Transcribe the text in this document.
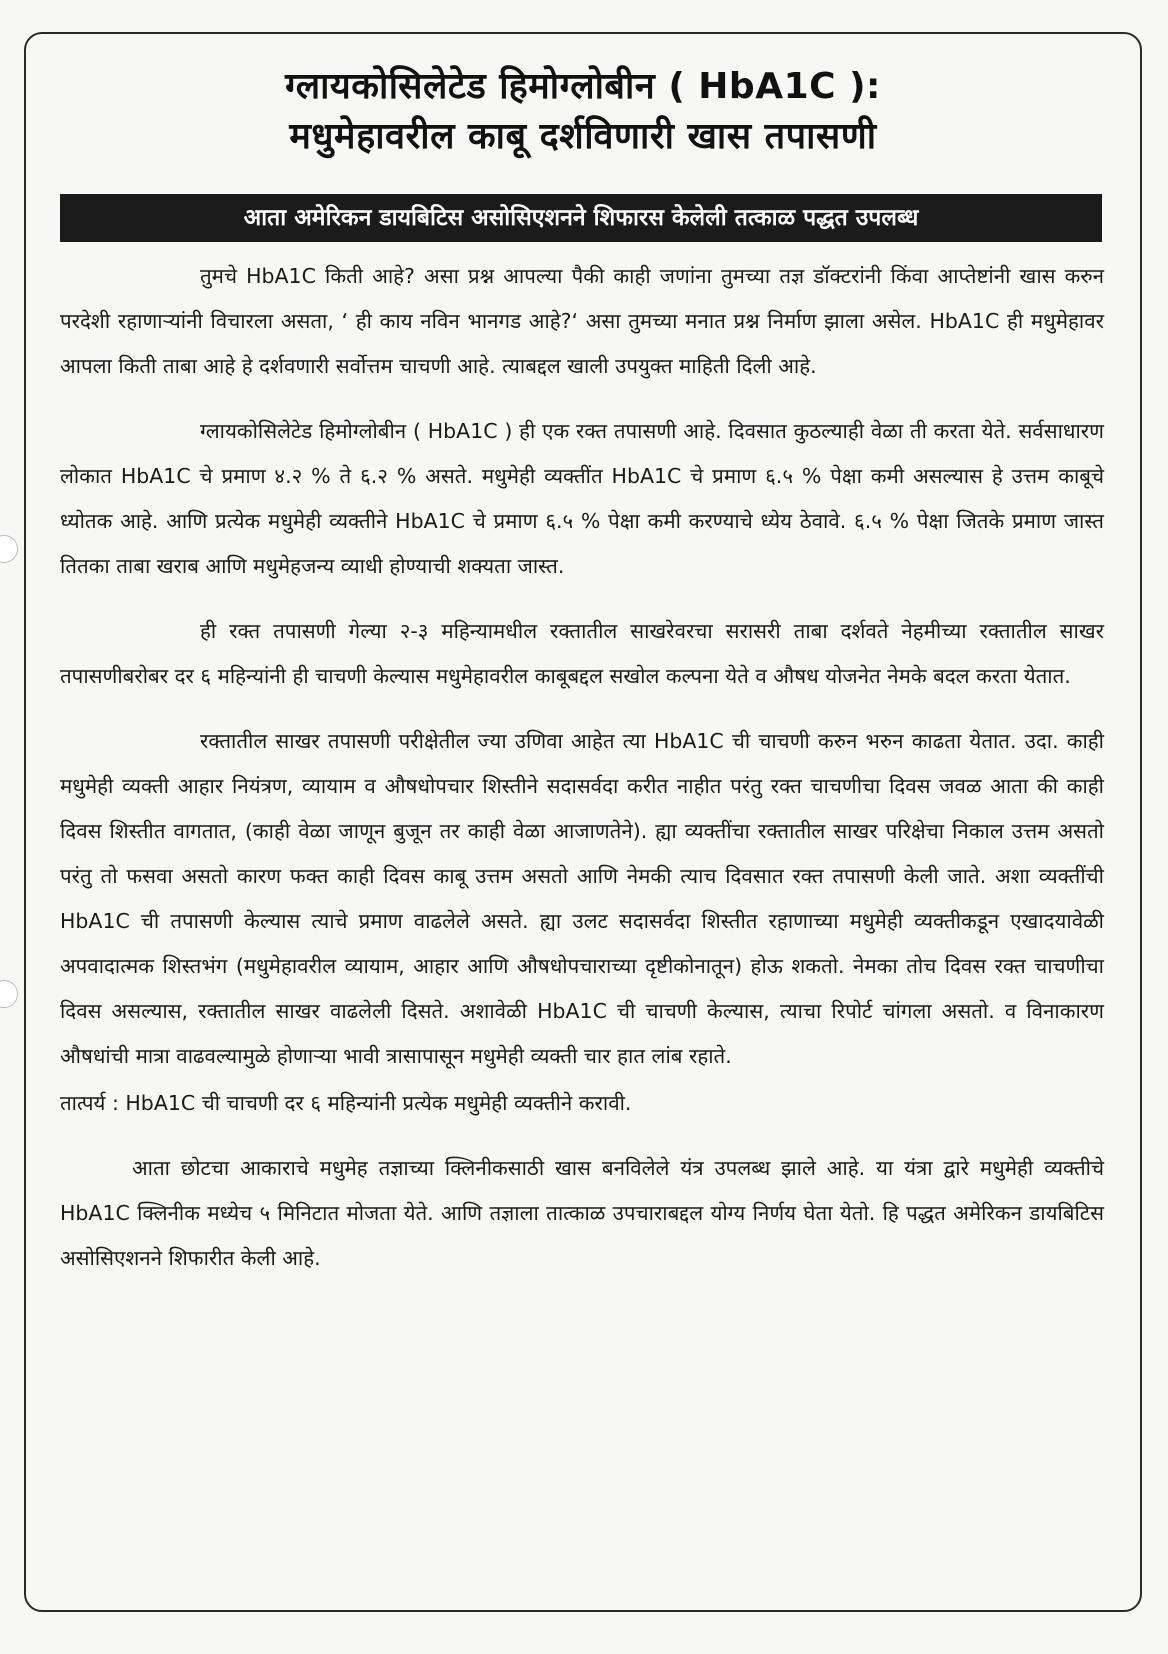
ग्लायकोसिलेटेड हिमोग्लोबीन ( HbA1C ):
मधुमेहावरील काबू दर्शविणारी खास तपासणी
आता अमेरिकन डायबिटिस असोसिएशनने शिफारस केलेली तत्काळ पद्धत उपलब्ध

तुमचे HbA1C किती आहे? असा प्रश्न आपल्या पैकी काही जणांना तुमच्या तज्ञ डॉक्टरांनी किंवा आप्तेष्टांनी खास करुन परदेशी रहाणाऱ्यांनी विचारला असता, ‘ ही काय नविन भानगड आहे?‘ असा तुमच्या मनात प्रश्न निर्माण झाला असेल. HbA1C ही मधुमेहावर आपला किती ताबा आहे हे दर्शवणारी सर्वोत्तम चाचणी आहे. त्याबद्दल खाली उपयुक्त माहिती दिली आहे.

ग्लायकोसिलेटेड हिमोग्लोबीन ( HbA1C ) ही एक रक्त तपासणी आहे. दिवसात कुठल्याही वेळा ती करता येते. सर्वसाधारण लोकात HbA1C चे प्रमाण ४.२ % ते ६.२ % असते. मधुमेही व्यक्तींत HbA1C चे प्रमाण ६.५ % पेक्षा कमी असल्यास हे उत्तम काबूचे ध्योतक आहे. आणि प्रत्येक मधुमेही व्यक्तीने HbA1C चे प्रमाण ६.५ % पेक्षा कमी करण्याचे ध्येय ठेवावे. ६.५ % पेक्षा जितके प्रमाण जास्त तितका ताबा खराब आणि मधुमेहजन्य व्याधी होण्याची शक्यता जास्त.

ही रक्त तपासणी गेल्या २-३ महिन्यामधील रक्तातील साखरेवरचा सरासरी ताबा दर्शवते नेहमीच्या रक्तातील साखर तपासणीबरोबर दर ६ महिन्यांनी ही चाचणी केल्यास मधुमेहावरील काबूबद्दल सखोल कल्पना येते व औषध योजनेत नेमके बदल करता येतात.

रक्तातील साखर तपासणी परीक्षेतील ज्या उणिवा आहेत त्या HbA1C ची चाचणी करुन भरुन काढता येतात. उदा. काही मधुमेही व्यक्ती आहार नियंत्रण, व्यायाम व औषधोपचार शिस्तीने सदासर्वदा करीत नाहीत परंतु रक्त चाचणीचा दिवस जवळ आता की काही दिवस शिस्तीत वागतात, (काही वेळा जाणून बुजून तर काही वेळा आजाणतेने). ह्या व्यक्तींचा रक्तातील साखर परिक्षेचा निकाल उत्तम असतो परंतु तो फसवा असतो कारण फक्त काही दिवस काबू उत्तम असतो आणि नेमकी त्याच दिवसात रक्त तपासणी केली जाते. अशा व्यक्तींची HbA1C ची तपासणी केल्यास त्याचे प्रमाण वाढलेले असते. ह्या उलट सदासर्वदा शिस्तीत रहाणाच्या मधुमेही व्यक्तीकडून एखादयावेळी अपवादात्मक शिस्तभंग (मधुमेहावरील व्यायाम, आहार आणि औषधोपचाराच्या दृष्टीकोनातून) होऊ शकतो. नेमका तोच दिवस रक्त चाचणीचा दिवस असल्यास, रक्तातील साखर वाढलेली दिसते. अशावेळी HbA1C ची चाचणी केल्यास, त्याचा रिपोर्ट चांगला असतो. व विनाकारण औषधांची मात्रा वाढवल्यामुळे होणाऱ्या भावी त्रासापासून मधुमेही व्यक्ती चार हात लांब रहाते.

तात्पर्य : HbA1C ची चाचणी दर ६ महिन्यांनी प्रत्येक मधुमेही व्यक्तीने करावी.

आता छोटचा आकाराचे मधुमेह तज्ञाच्या क्लिनीकसाठी खास बनविलेले यंत्र उपलब्ध झाले आहे. या यंत्रा द्वारे मधुमेही व्यक्तीचे HbA1C क्लिनीक मध्येच ५ मिनिटात मोजता येते. आणि तज्ञाला तात्काळ उपचाराबद्दल योग्य निर्णय घेता येतो. हि पद्धत अमेरिकन डायबिटिस असोसिएशनने शिफारीत केली आहे.
